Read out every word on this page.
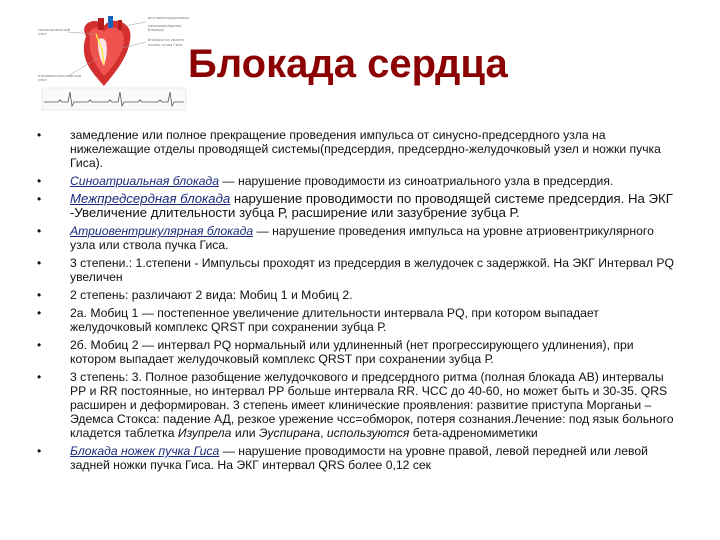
синоатриальный узел
внутрижелудочковая
межпредсердная блокада
блокада на уровне
ножек пучка Гиса
атриовентрикулярный узел	Блокада сердца
•	замедление или полное прекращение проведения импульса от синусно-предсердного узла на нижележащие отделы проводящей системы(предсердия, предсердно-желудочковый узел и ножки пучка Гиса).
•	Синоатриальная блокада — нарушение проводимости из синоатриального узла в предсердия.
•	Межпредсердная блокада нарушение проводимости по проводящей системе предсердия. На ЭКГ -Увеличение длительности зубца Р, расширение или зазубрение зубца Р.
•	Атриовентрикулярная блокада — нарушение проведения импульса на уровне атриовентрикулярного узла или ствола пучка Гиса.
•	3 степени.: 1.степени - Импульсы проходят из предсердия в желудочек с задержкой. На ЭКГ Интервал PQ увеличен
•	2 степень: различают 2 вида: Мобиц 1 и Мобиц 2.
•	2а. Мобиц 1 — постепенное увеличение длительности интервала PQ, при котором выпадает желудочковый комплекс QRST при сохранении зубца Р.
•	2б. Мобиц 2 — интервал PQ нормальный или удлиненный (нет прогрессирующего удлинения), при котором выпадает желудочковый комплекс QRST при сохранении зубца Р.
•	3 степень: 3. Полное разобщение желудочкового и предсердного ритма (полная блокада АВ) интервалы РР и RR постоянные, но интервал РР больше интервала RR. ЧСС до 40-60, но может быть и 30-35. QRS расширен и деформирован. 3 степень имеет клинические проявления: развитие приступа Морганьи –Эдемса Стокса: падение АД, резкое урежение чсс=обморок, потеря сознания.Лечение: под язык больного кладется таблетка Изупрела или Эуспирана, используются бета-адреномиметики
•	Блокада ножек пучка Гиса — нарушение проводимости на уровне правой, левой передней или левой задней ножки пучка Гиса. На ЭКГ интервал QRS более 0,12 сек
